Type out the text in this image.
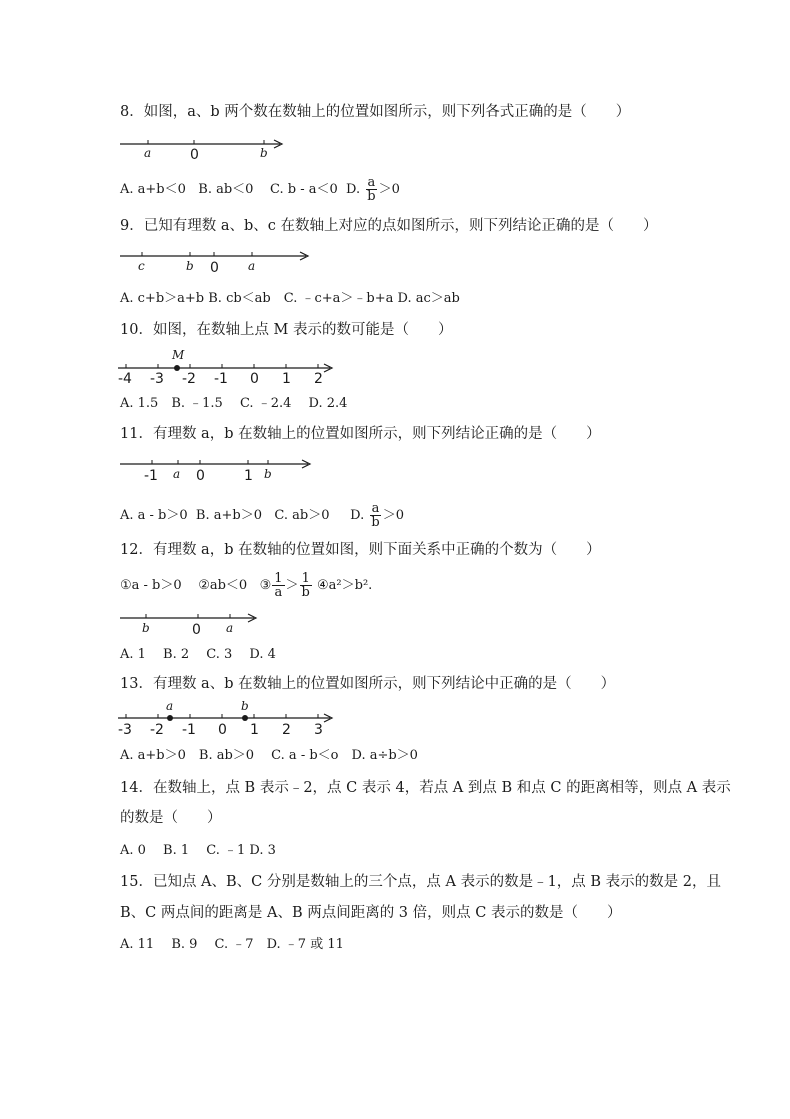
8．如图，a、b 两个数在数轴上的位置如图所示，则下列各式正确的是（　　）
a	0	b
A. a+b＜0 B. ab＜0 C. b - a＜0 D. $\frac{a}{b} >0$
9．已知有理数 a、b、c 在数轴上对应的点如图所示，则下列结论正确的是（　　）
c	b 0 a
A. c+b＞a+b B. cb＜ab　C. ﹣c+a＞﹣b+a D. ac＞ab
10．如图，在数轴上点 M 表示的数可能是（　　）
M
-4 -3 -2 -1 0 1 2
A. 1.5　B. ﹣1.5　 C. ﹣2.4　 D. 2.4
11．有理数 a，b 在数轴上的位置如图所示，则下列结论正确的是（　　）
-1 a 0	1 b
A. a - b＞0 B. a+b＞0 C. ab＞0 D. $\frac{a}{b} >0$
12．有理数 a，b 在数轴的位置如图，则下面关系中正确的个数为（　　）
①a - b＞0 ②ab＜0 ③ $\frac{1}{a} > \frac{1}{b}$ ④a²＞b².
b	0 a
A. 1　 B. 2　 C. 3　 D. 4
13．有理数 a、b 在数轴上的位置如图所示，则下列结论中正确的是（　　）
a	b
-3 -2 -1 0 1 2 3
A. a+b＞0　B. ab＞0　 C. a - b＜o　D. a÷b＞0
14．在数轴上，点 B 表示﹣2，点 C 表示 4，若点 A 到点 B 和点 C 的距离相等，则点 A 表示
的数是（　　）
A. 0　 B. 1　 C. ﹣1 D. 3
15．已知点 A、B、C 分别是数轴上的三个点，点 A 表示的数是﹣1，点 B 表示的数是 2，且
B、C 两点间的距离是 A、B 两点间距离的 3 倍，则点 C 表示的数是（　　）
A. 11　 B. 9　 C. ﹣7　D. ﹣7 或 11
